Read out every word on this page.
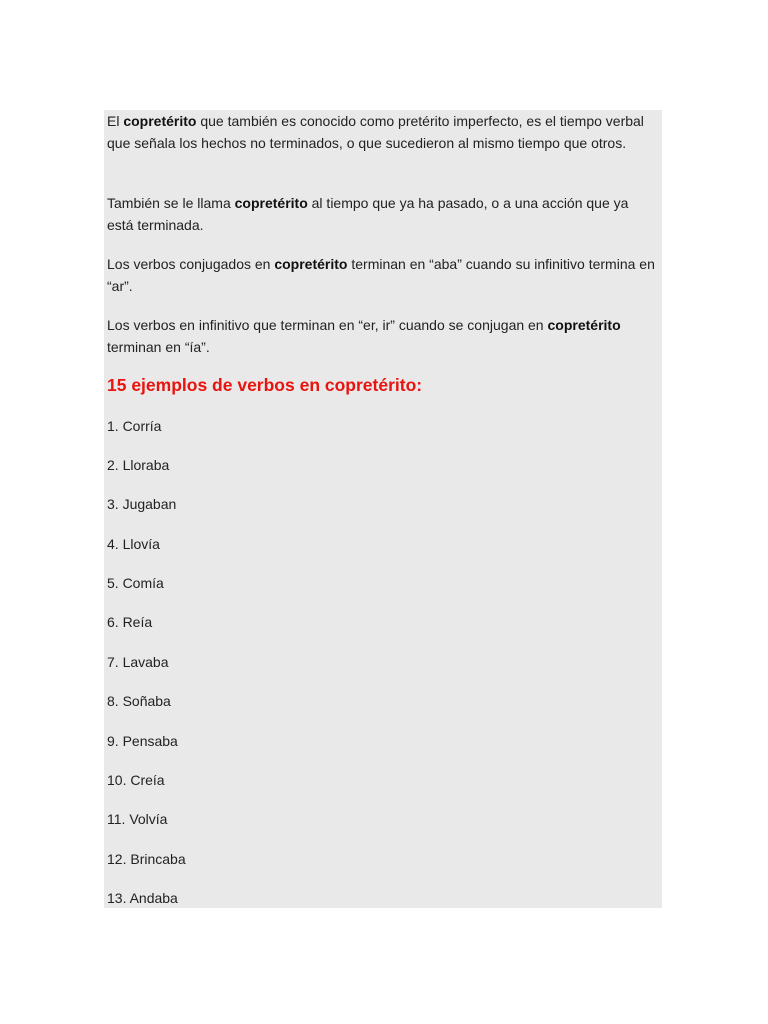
El copretérito que también es conocido como pretérito imperfecto, es el tiempo verbal que señala los hechos no terminados, o que sucedieron al mismo tiempo que otros.

También se le llama copretérito al tiempo que ya ha pasado, o a una acción que ya está terminada.

Los verbos conjugados en copretérito terminan en “aba” cuando su infinitivo termina en “ar”.

Los verbos en infinitivo que terminan en “er, ir” cuando se conjugan en copretérito terminan en “ía”.

15 ejemplos de verbos en copretérito:
1. Corría
2. Lloraba
3. Jugaban
4. Llovía
5. Comía
6. Reía
7. Lavaba
8. Soñaba
9. Pensaba
10. Creía
11. Volvía
12. Brincaba
13. Andaba
